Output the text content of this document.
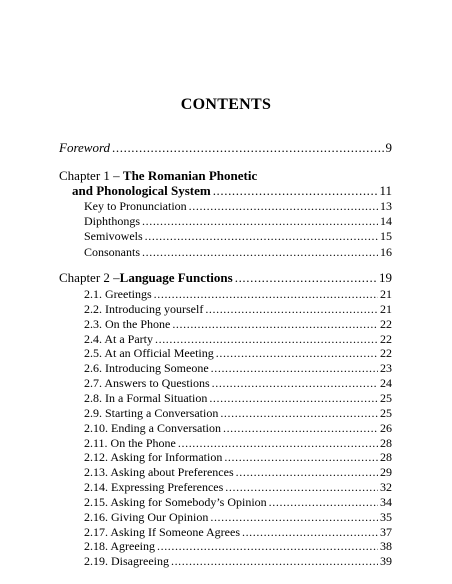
CONTENTS
Foreword .....	9
Chapter 1 – The Romanian Phonetic
and Phonological System .....	11
Key to Pronunciation .....	13
Diphthongs .....	14
Semivowels .....	15
Consonants .....	16
Chapter 2 – Language Functions .....	19
2.1. Greetings .....	21
2.2. Introducing yourself .....	21
2.3. On the Phone .....	22
2.4. At a Party .....	22
2.5. At an Official Meeting .....	22
2.6. Introducing Someone .....	23
2.7. Answers to Questions .....	24
2.8. In a Formal Situation .....	25
2.9. Starting a Conversation .....	25
2.10. Ending a Conversation .....	26
2.11. On the Phone .....	28
2.12. Asking for Information .....	28
2.13. Asking about Preferences .....	29
2.14. Expressing Preferences .....	32
2.15. Asking for Somebody’s Opinion .....	34
2.16. Giving Our Opinion .....	35
2.17. Asking If Someone Agrees .....	37
2.18. Agreeing .....	38
2.19. Disagreeing .....	39
